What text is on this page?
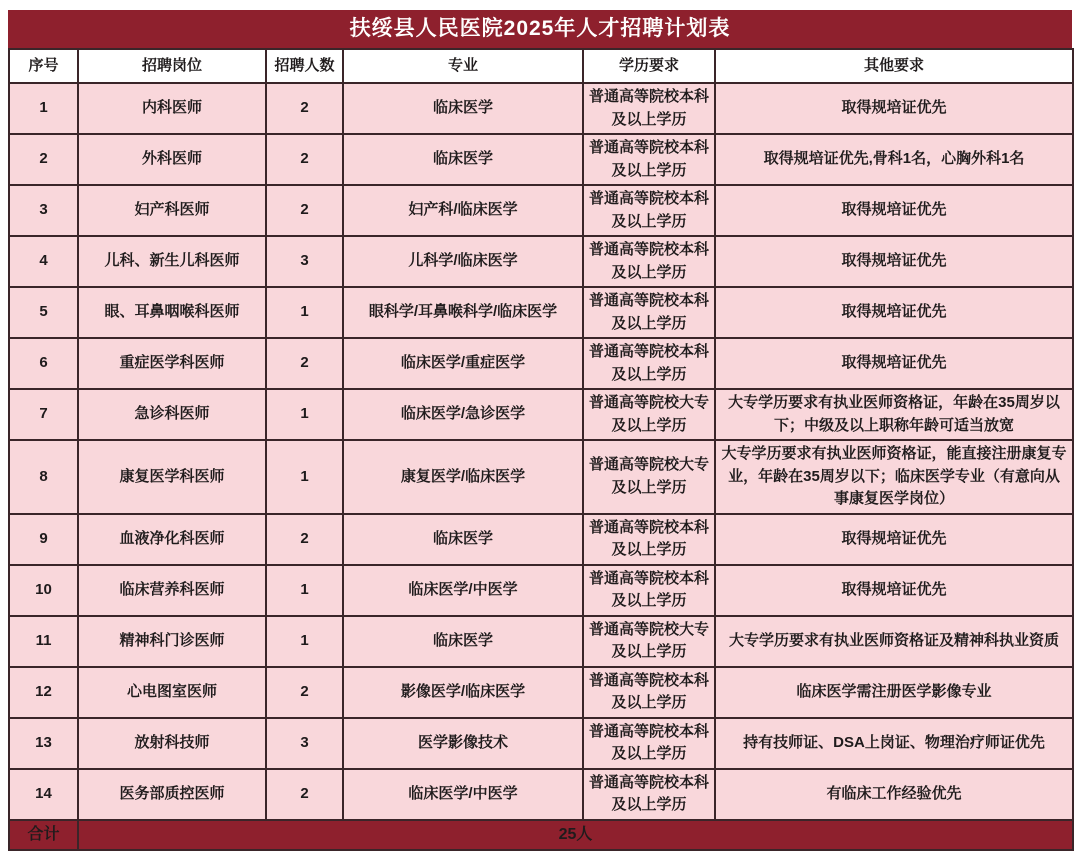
扶绥县人民医院2025年人才招聘计划表
序号	招聘岗位	招聘人数	专业	学历要求	其他要求
1	内科医师	2	临床医学	普通高等院校本科及以上学历	取得规培证优先
2	外科医师	2	临床医学	普通高等院校本科及以上学历	取得规培证优先,骨科1名，心胸外科1名
3	妇产科医师	2	妇产科/临床医学	普通高等院校本科及以上学历	取得规培证优先
4	儿科、新生儿科医师	3	儿科学/临床医学	普通高等院校本科及以上学历	取得规培证优先
5	眼、耳鼻咽喉科医师	1	眼科学/耳鼻喉科学/临床医学	普通高等院校本科及以上学历	取得规培证优先
6	重症医学科医师	2	临床医学/重症医学	普通高等院校本科及以上学历	取得规培证优先
7	急诊科医师	1	临床医学/急诊医学	普通高等院校大专及以上学历	大专学历要求有执业医师资格证，年龄在35周岁以下；中级及以上职称年龄可适当放宽
8	康复医学科医师	1	康复医学/临床医学	普通高等院校大专及以上学历	大专学历要求有执业医师资格证，能直接注册康复专业，年龄在35周岁以下；临床医学专业（有意向从事康复医学岗位）
9	血液净化科医师	2	临床医学	普通高等院校本科及以上学历	取得规培证优先
10	临床营养科医师	1	临床医学/中医学	普通高等院校本科及以上学历	取得规培证优先
11	精神科门诊医师	1	临床医学	普通高等院校大专及以上学历	大专学历要求有执业医师资格证及精神科执业资质
12	心电图室医师	2	影像医学/临床医学	普通高等院校本科及以上学历	临床医学需注册医学影像专业
13	放射科技师	3	医学影像技术	普通高等院校本科及以上学历	持有技师证、DSA上岗证、物理治疗师证优先
14	医务部质控医师	2	临床医学/中医学	普通高等院校本科及以上学历	有临床工作经验优先
合计	25人				
